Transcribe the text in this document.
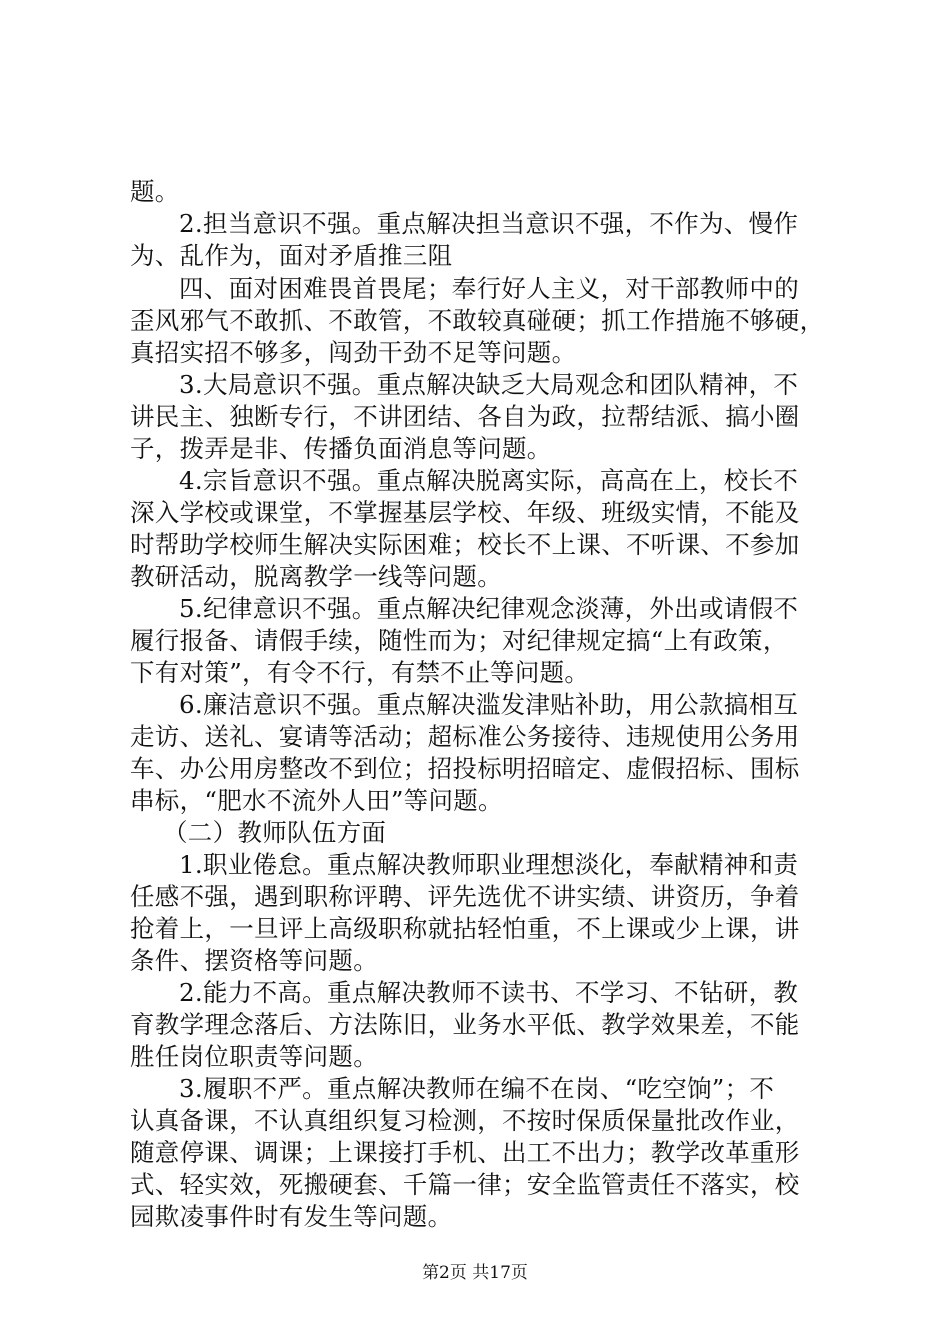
题。
2.担当意识不强。重点解决担当意识不强，不作为、慢作
为、乱作为，面对矛盾推三阻
四、面对困难畏首畏尾；奉行好人主义，对干部教师中的
歪风邪气不敢抓、不敢管，不敢较真碰硬；抓工作措施不够硬，
真招实招不够多，闯劲干劲不足等问题。
3.大局意识不强。重点解决缺乏大局观念和团队精神，不
讲民主、独断专行，不讲团结、各自为政，拉帮结派、搞小圈
子，拨弄是非、传播负面消息等问题。
4.宗旨意识不强。重点解决脱离实际，高高在上，校长不
深入学校或课堂，不掌握基层学校、年级、班级实情，不能及
时帮助学校师生解决实际困难；校长不上课、不听课、不参加
教研活动，脱离教学一线等问题。
5.纪律意识不强。重点解决纪律观念淡薄，外出或请假不
履行报备、请假手续，随性而为；对纪律规定搞“上有政策，
下有对策”，有令不行，有禁不止等问题。
6.廉洁意识不强。重点解决滥发津贴补助，用公款搞相互
走访、送礼、宴请等活动；超标准公务接待、违规使用公务用
车、办公用房整改不到位；招投标明招暗定、虚假招标、围标
串标，“肥水不流外人田”等问题。
（二）教师队伍方面
1.职业倦怠。重点解决教师职业理想淡化，奉献精神和责
任感不强，遇到职称评聘、评先选优不讲实绩、讲资历，争着
抢着上，一旦评上高级职称就拈轻怕重，不上课或少上课，讲
条件、摆资格等问题。
2.能力不高。重点解决教师不读书、不学习、不钻研，教
育教学理念落后、方法陈旧，业务水平低、教学效果差，不能
胜任岗位职责等问题。
3.履职不严。重点解决教师在编不在岗、“吃空饷”；不
认真备课，不认真组织复习检测，不按时保质保量批改作业，
随意停课、调课；上课接打手机、出工不出力；教学改革重形
式、轻实效，死搬硬套、千篇一律；安全监管责任不落实，校
园欺凌事件时有发生等问题。
第2页 共17页
